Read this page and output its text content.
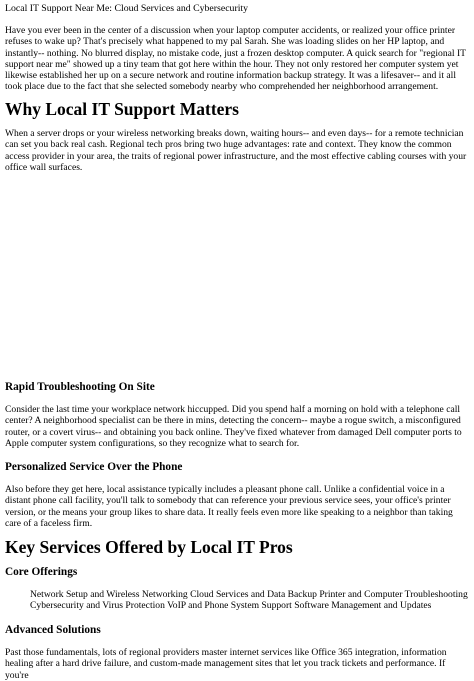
Local IT Support Near Me: Cloud Services and Cybersecurity

Have you ever been in the center of a discussion when your laptop computer accidents, or realized your office printer refuses to wake up? That's precisely what happened to my pal Sarah. She was loading slides on her HP laptop, and instantly-- nothing. No blurred display, no mistake code, just a frozen desktop computer. A quick search for "regional IT support near me" showed up a tiny team that got here within the hour. They not only restored her computer system yet likewise established her up on a secure network and routine information backup strategy. It was a lifesaver-- and it all took place due to the fact that she selected somebody nearby who comprehended her neighborhood arrangement.

Why Local IT Support Matters

When a server drops or your wireless networking breaks down, waiting hours-- and even days-- for a remote technician can set you back real cash. Regional tech pros bring two huge advantages: rate and context. They know the common access provider in your area, the traits of regional power infrastructure, and the most effective cabling courses with your office wall surfaces.

Rapid Troubleshooting On Site

Consider the last time your workplace network hiccupped. Did you spend half a morning on hold with a telephone call center? A neighborhood specialist can be there in mins, detecting the concern-- maybe a rogue switch, a misconfigured router, or a covert virus-- and obtaining you back online. They've fixed whatever from damaged Dell computer ports to Apple computer system configurations, so they recognize what to search for.

Personalized Service Over the Phone

Also before they get here, local assistance typically includes a pleasant phone call. Unlike a confidential voice in a distant phone call facility, you'll talk to somebody that can reference your previous service sees, your office's printer version, or the means your group likes to share data. It really feels even more like speaking to a neighbor than taking care of a faceless firm.

Key Services Offered by Local IT Pros
Core Offerings

Network Setup and Wireless Networking Cloud Services and Data Backup Printer and Computer Troubleshooting Cybersecurity and Virus Protection VoIP and Phone System Support Software Management and Updates

Advanced Solutions

Past those fundamentals, lots of regional providers master internet services like Office 365 integration, information healing after a hard drive failure, and custom-made management sites that let you track tickets and performance. If you're
